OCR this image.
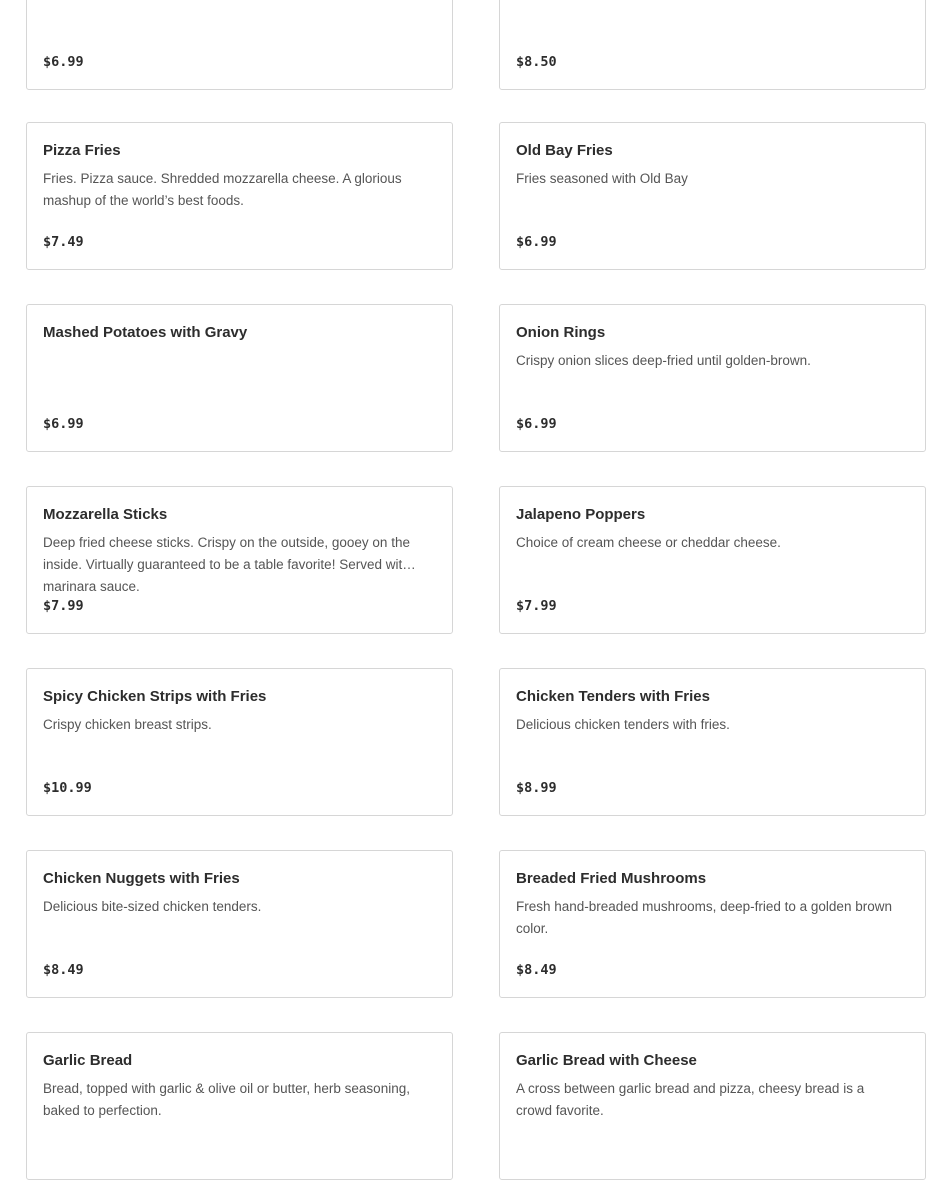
$6.99	$8.50
Pizza Fries
Fries. Pizza sauce. Shredded mozzarella cheese. A glorious mashup of the world’s best foods.
$7.49
Old Bay Fries
Fries seasoned with Old Bay
$6.99
Mashed Potatoes with Gravy
$6.99
Onion Rings
Crispy onion slices deep-fried until golden-brown.
$6.99
Mozzarella Sticks
Deep fried cheese sticks. Crispy on the outside, gooey on the inside. Virtually guaranteed to be a table favorite! Served with marinara sauce.
$7.99
Jalapeno Poppers
Choice of cream cheese or cheddar cheese.
$7.99
Spicy Chicken Strips with Fries
Crispy chicken breast strips.
$10.99
Chicken Tenders with Fries
Delicious chicken tenders with fries.
$8.99
Chicken Nuggets with Fries
Delicious bite-sized chicken tenders.
$8.49
Breaded Fried Mushrooms
Fresh hand-breaded mushrooms, deep-fried to a golden brown color.
$8.49
Garlic Bread
Bread, topped with garlic & olive oil or butter, herb seasoning, baked to perfection.
Garlic Bread with Cheese
A cross between garlic bread and pizza, cheesy bread is a crowd favorite.
